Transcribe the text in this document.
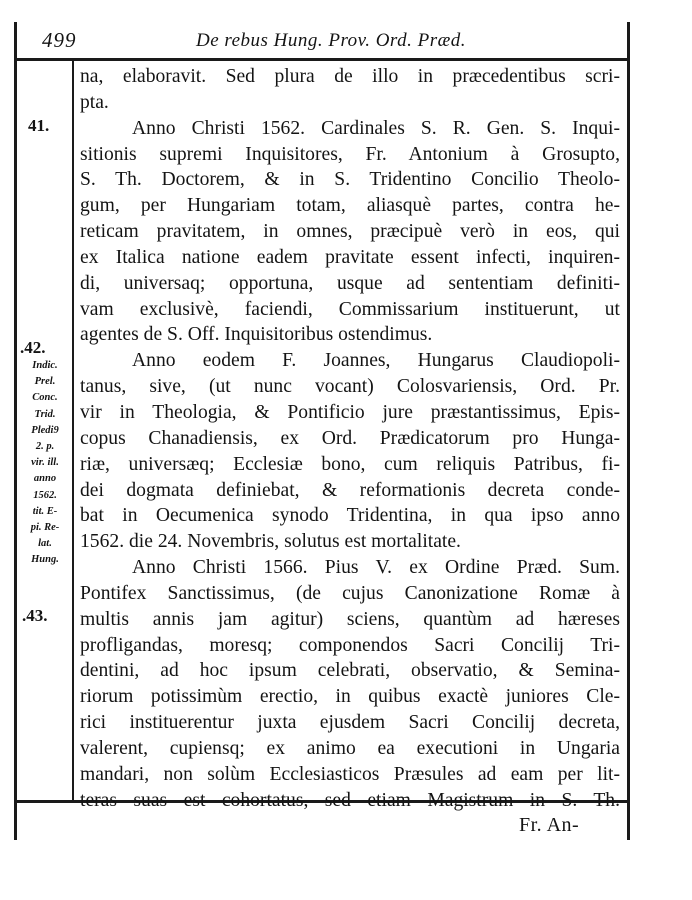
499	De rebus Hung. Prov. Ord. Præd.
41.
.42.
.43.
Indic.
Prel.
Conc.
Trid.
Pledi9
2. p.
vir. ill.
anno
1562.
tit. E-
pi. Re-
lat.
Hung.
na, elaboravit. Sed plura de illo in præcedentibus scri-
pta.
Anno Christi 1562. Cardinales S. R. Gen. S. Inqui-
sitionis supremi Inquisitores, Fr. Antonium à Grosupto,
S. Th. Doctorem, & in S. Tridentino Concilio Theolo-
gum, per Hungariam totam, aliasquè partes, contra he-
reticam pravitatem, in omnes, præcipuè verò in eos, qui
ex Italica natione eadem pravitate essent infecti, inquiren-
di, universaq; opportuna, usque ad sententiam definiti-
vam exclusivè, faciendi, Commissarium instituerunt, ut
agentes de S. Off. Inquisitoribus ostendimus.
Anno eodem F. Joannes, Hungarus Claudiopoli-
tanus, sive, (ut nunc vocant) Colosvariensis, Ord. Pr.
vir in Theologia, & Pontificio jure præstantissimus, Epis-
copus Chanadiensis, ex Ord. Prædicatorum pro Hunga-
riæ, universæq; Ecclesiæ bono, cum reliquis Patribus, fi-
dei dogmata definiebat, & reformationis decreta conde-
bat in Oecumenica synodo Tridentina, in qua ipso anno
1562. die 24. Novembris, solutus est mortalitate.
Anno Christi 1566. Pius V. ex Ordine Præd. Sum.
Pontifex Sanctissimus, (de cujus Canonizatione Romæ à
multis annis jam agitur) sciens, quantùm ad hæreses
profligandas, moresq; componendos Sacri Concilij Tri-
dentini, ad hoc ipsum celebrati, observatio, & Semina-
riorum potissimùm erectio, in quibus exactè juniores Cle-
rici instituerentur juxta ejusdem Sacri Concilij decreta,
valerent, cupiensq; ex animo ea executioni in Ungaria
mandari, non solùm Ecclesiasticos Præsules ad eam per lit-
teras suas est cohortatus, sed etiam Magistrum in S. Th.
Fr. An-
